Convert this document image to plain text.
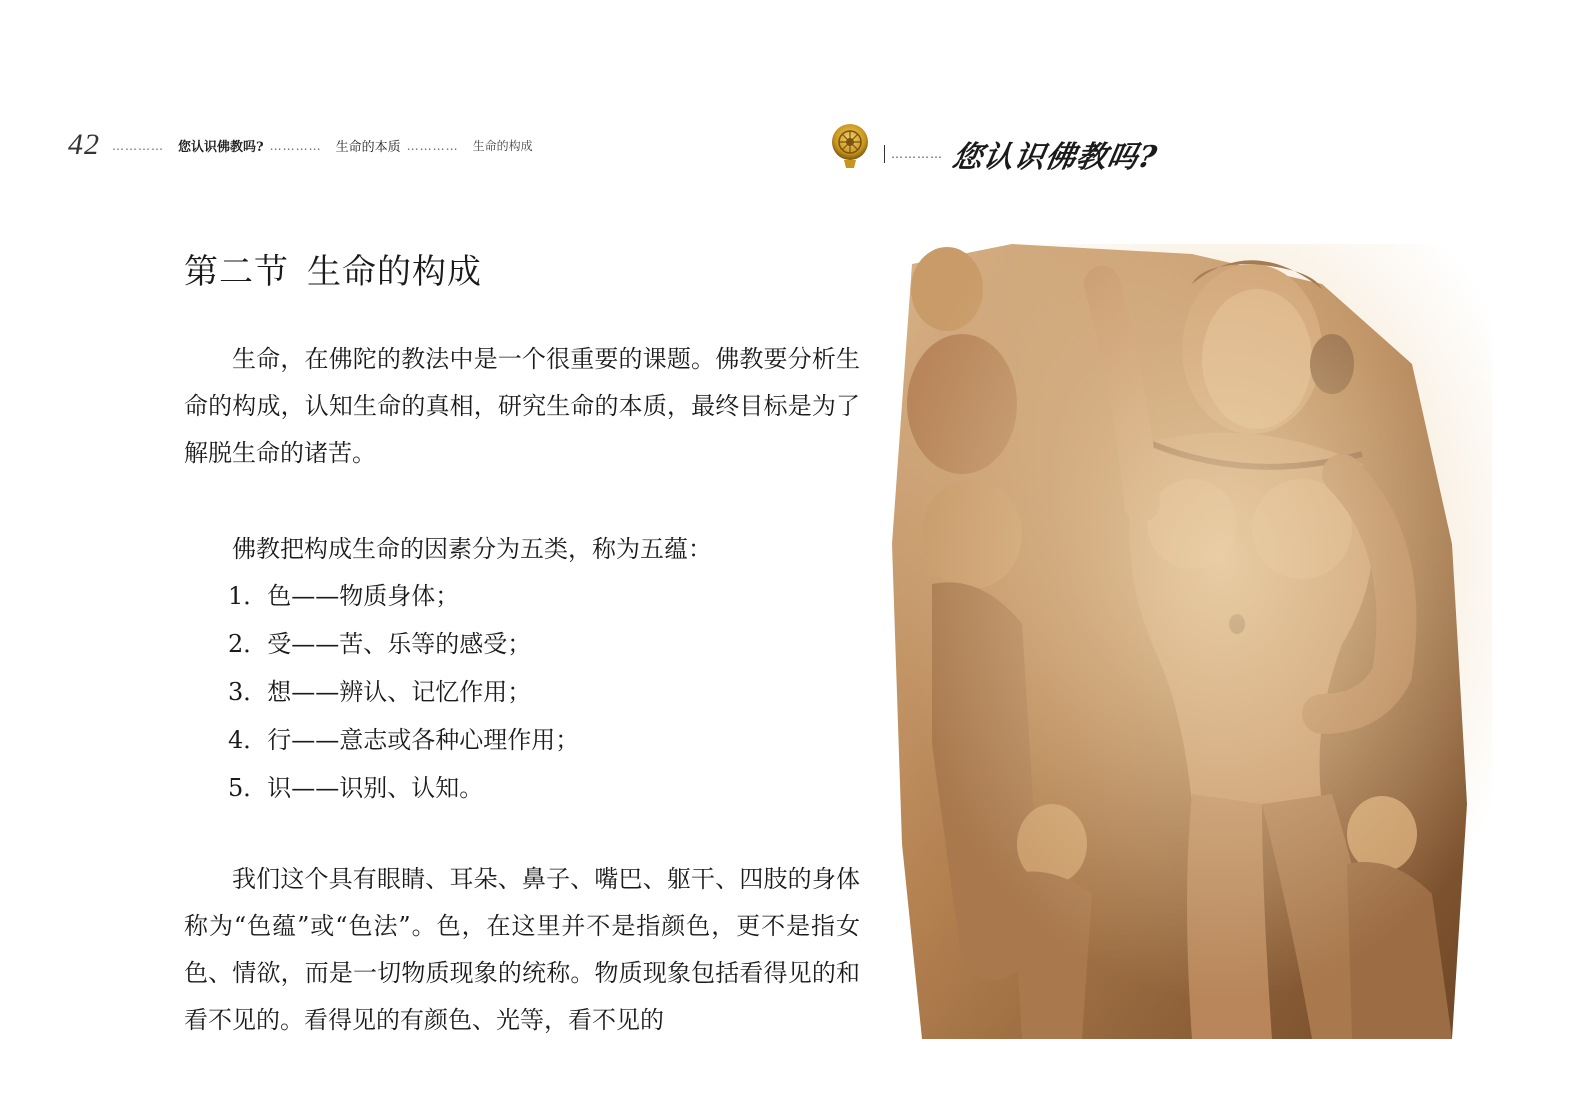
42 ………… 您认识佛教吗? ………… 生命的本质 ………… 生命的构成
………… 您认识佛教吗?
第二节 生命的构成

生命，在佛陀的教法中是一个很重要的课题。佛教要分析生命的构成，认知生命的真相，研究生命的本质，最终目标是为了解脱生命的诸苦。

佛教把构成生命的因素分为五类，称为五蕴：
1．色——物质身体；
2．受——苦、乐等的感受；
3．想——辨认、记忆作用；
4．行——意志或各种心理作用；
5．识——识别、认知。

我们这个具有眼睛、耳朵、鼻子、嘴巴、躯干、四肢的身体称为“色蕴”或“色法”。色，在这里并不是指颜色，更不是指女色、情欲，而是一切物质现象的统称。物质现象包括看得见的和看不见的。看得见的有颜色、光等，看不见的
